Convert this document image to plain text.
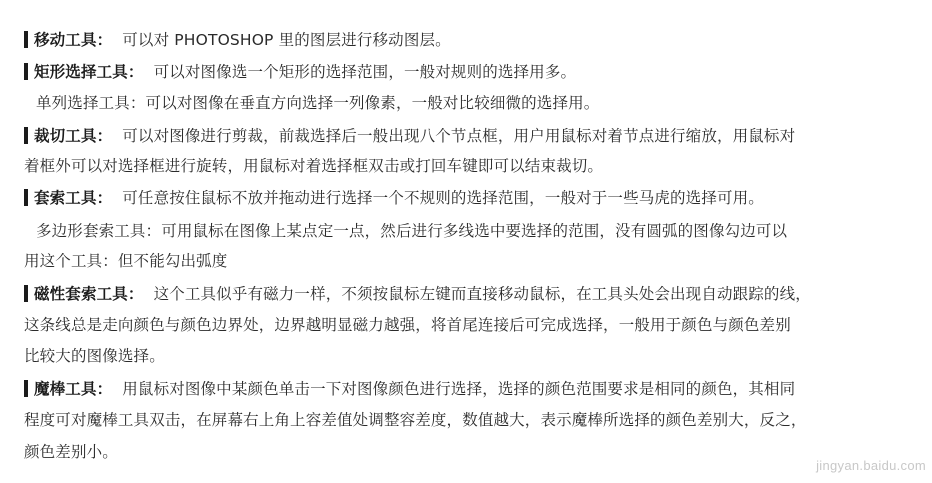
移动工具： 可以对 PHOTOSHOP 里的图层进行移动图层。
矩形选择工具： 可以对图像选一个矩形的选择范围，一般对规则的选择用多。
单列选择工具：可以对图像在垂直方向选择一列像素，一般对比较细微的选择用。
裁切工具： 可以对图像进行剪裁，前裁选择后一般出现八个节点框，用户用鼠标对着节点进行缩放，用鼠标对
着框外可以对选择框进行旋转，用鼠标对着选择框双击或打回车键即可以结束裁切。
套索工具： 可任意按住鼠标不放并拖动进行选择一个不规则的选择范围，一般对于一些马虎的选择可用。
多边形套索工具：可用鼠标在图像上某点定一点，然后进行多线选中要选择的范围，没有圆弧的图像勾边可以
用这个工具：但不能勾出弧度
磁性套索工具： 这个工具似乎有磁力一样，不须按鼠标左键而直接移动鼠标，在工具头处会出现自动跟踪的线，
这条线总是走向颜色与颜色边界处，边界越明显磁力越强，将首尾连接后可完成选择，一般用于颜色与颜色差别
比较大的图像选择。
魔棒工具： 用鼠标对图像中某颜色单击一下对图像颜色进行选择，选择的颜色范围要求是相同的颜色，其相同
程度可对魔棒工具双击，在屏幕右上角上容差值处调整容差度，数值越大，表示魔棒所选择的颜色差别大，反之，
颜色差别小。
jingyan.baidu.com
